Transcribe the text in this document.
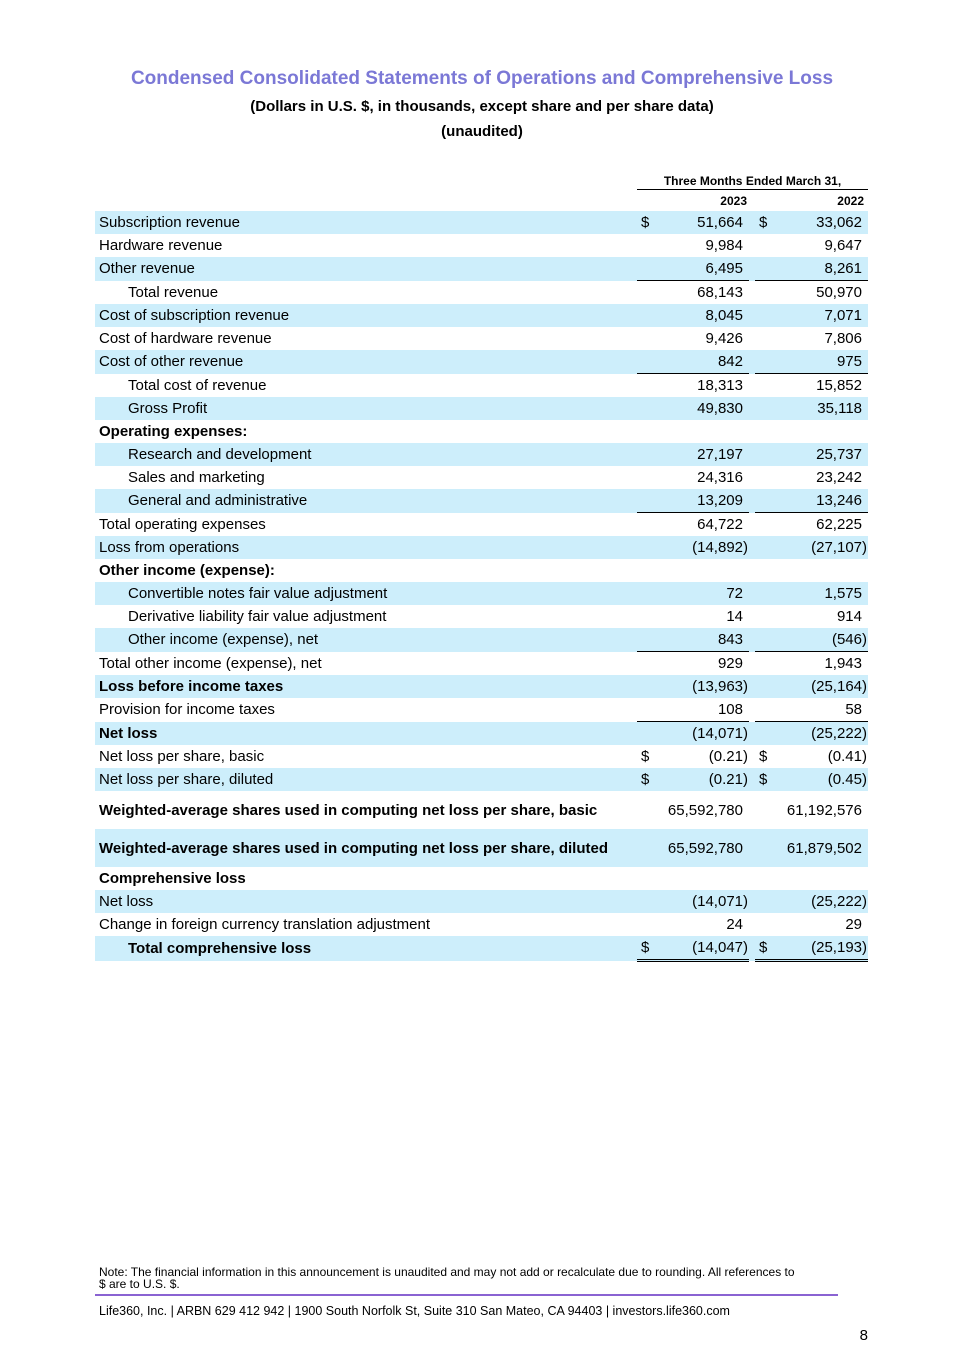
Condensed Consolidated Statements of Operations and Comprehensive Loss

(Dollars in U.S. $, in thousands, except share and per share data)

(unaudited)

Three Months Ended March 31,
2023	2022
Subscription revenue	$	51,664			$	33,062	
Hardware revenue		9,984				9,647	
Other revenue		6,495				8,261	
Total revenue		68,143				50,970	
Cost of subscription revenue		8,045				7,071	
Cost of hardware revenue		9,426				7,806	
Cost of other revenue		842				975	
Total cost of revenue		18,313				15,852	
Gross Profit		49,830				35,118	
Operating expenses:							
Research and development		27,197				25,737	
Sales and marketing		24,316				23,242	
General and administrative		13,209				13,246	
Total operating expenses		64,722				62,225	
Loss from operations		(14,892	)			(27,107	)
Other income (expense):							
Convertible notes fair value adjustment		72				1,575	
Derivative liability fair value adjustment		14				914	
Other income (expense), net		843				(546	)
Total other income (expense), net		929				1,943	
Loss before income taxes		(13,963	)			(25,164	)
Provision for income taxes		108				58	
Net loss		(14,071	)			(25,222	)
Net loss per share, basic	$	(0.21	)		$	(0.41	)
Net loss per share, diluted	$	(0.21	)		$	(0.45	)
Weighted-average shares used in computing net loss per share, basic		65,592,780				61,192,576	
Weighted-average shares used in computing net loss per share, diluted		65,592,780				61,879,502	
Comprehensive loss							
Net loss		(14,071	)			(25,222	)
Change in foreign currency translation adjustment		24				29	
Total comprehensive loss	$	(14,047	)		$	(25,193	)

Note: The financial information in this announcement is unaudited and may not add or recalculate due to rounding. All references to $ are to U.S. $.

Life360, Inc. | ARBN 629 412 942 | 1900 South Norfolk St, Suite 310 San Mateo, CA 94403 | investors.life360.com

8
